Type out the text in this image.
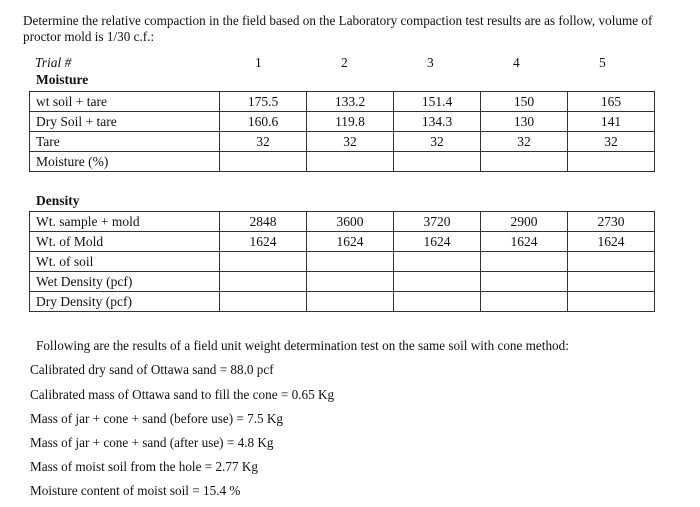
Determine the relative compaction in the field based on the Laboratory compaction test results are as follow, volume of proctor mold is 1/30 c.f.:
Trial #	1	2	3	4	5
Moisture
wt soil + tare	175.5	133.2	151.4	150	165
Dry Soil + tare	160.6	119.8	134.3	130	141
Tare	32	32	32	32	32
Moisture (%)					
Density
Wt. sample + mold	2848	3600	3720	2900	2730
Wt. of Mold	1624	1624	1624	1624	1624
Wt. of soil					
Wet Density (pcf)					
Dry Density (pcf)					
Following are the results of a field unit weight determination test on the same soil with cone method:
Calibrated dry sand of Ottawa sand = 88.0 pcf
Calibrated mass of Ottawa sand to fill the cone = 0.65 Kg
Mass of jar + cone + sand (before use) = 7.5 Kg
Mass of jar + cone + sand (after use) = 4.8 Kg
Mass of moist soil from the hole = 2.77 Kg
Moisture content of moist soil = 15.4 %
